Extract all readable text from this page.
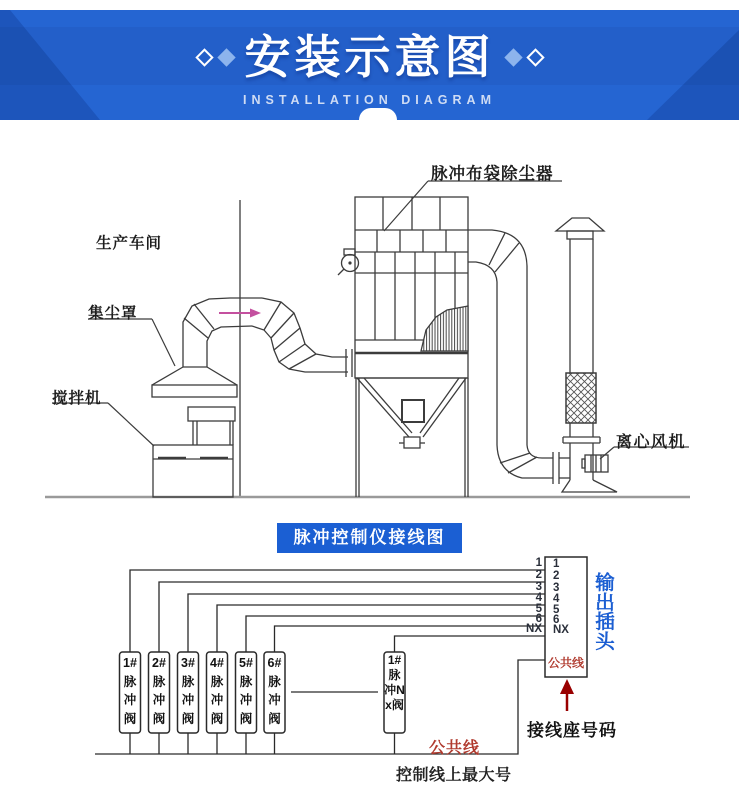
安装示意图
INSTALLATION DIAGRAM
生产车间
集尘罩
搅拌机
脉冲布袋除尘器
离心风机
脉冲控制仪接线图
1#脉冲阀
2#脉冲阀
3#脉冲阀
4#脉冲阀
5#脉冲阀
6#脉冲阀
1#脉冲Nx阀
1
2
3
4
5
6
NX
1
2
3
4
5
6
NX
公共线
输出插头
公共线
接线座号码
控制线上最大号
